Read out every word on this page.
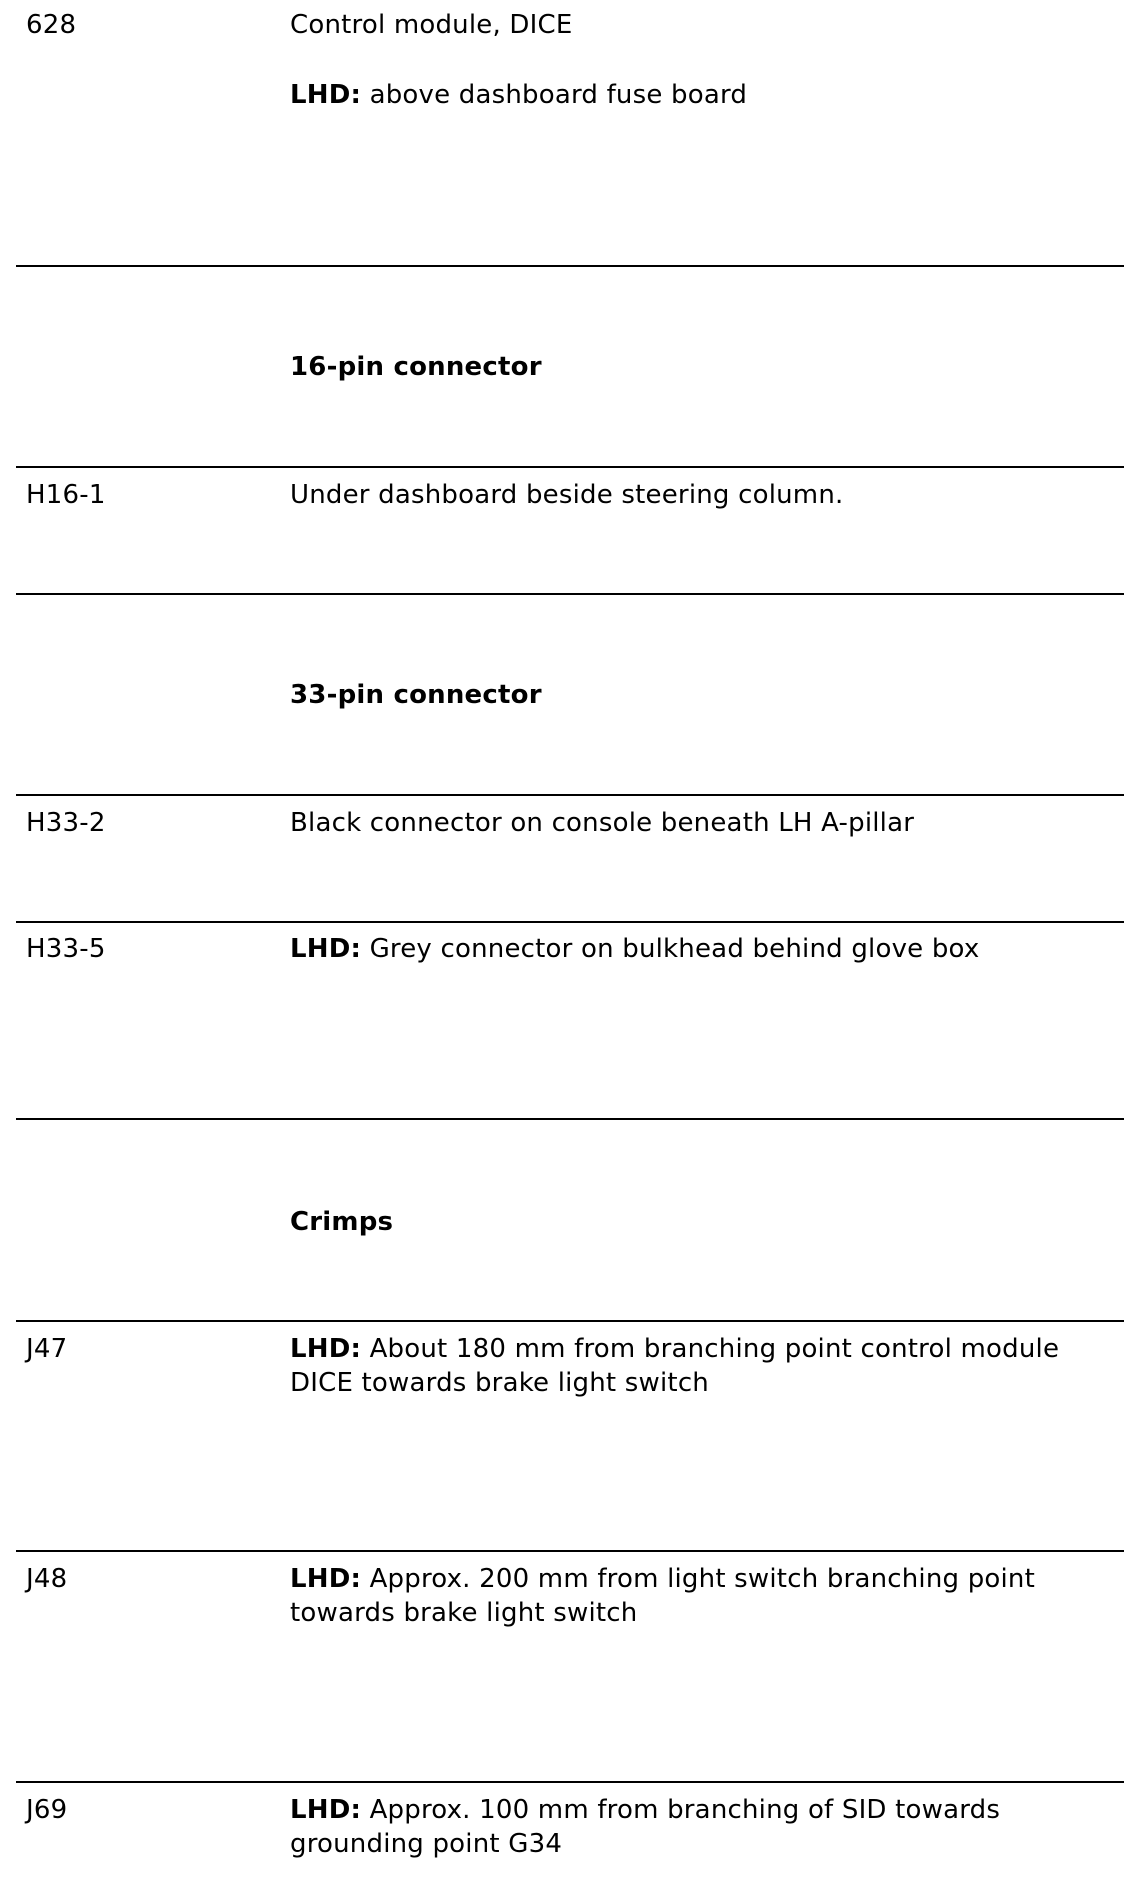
628	Control module, DICE
LHD: above dashboard fuse board
16-pin connector
H16-1	Under dashboard beside steering column.
33-pin connector
H33-2	Black connector on console beneath LH A-pillar
H33-5	LHD: Grey connector on bulkhead behind glove box
Crimps
J47	LHD: About 180 mm from branching point control module
DICE towards brake light switch
J48	LHD: Approx. 200 mm from light switch branching point
towards brake light switch
J69	LHD: Approx. 100 mm from branching of SID towards
grounding point G34
